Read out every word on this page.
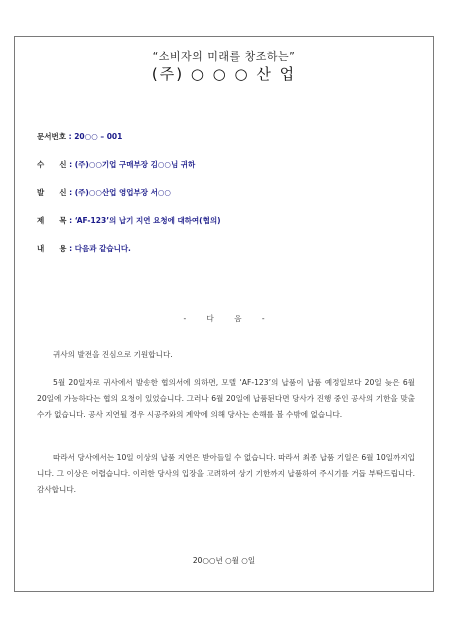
“소비자의 미래를 창조하는”
(주) ○ ○ ○ 산 업
문서번호 : 20○○ – 001
수　　신 : (주)○○기업 구매부장 김○○님 귀하
발　　신 : (주)○○산업 영업부장 서○○
제　　목 : ‘AF-123’의 납기 지연 요청에 대하여(협의)
내　　용 : 다음과 같습니다.
- 다 음 -
귀사의 발전을 진심으로 기원합니다.
5월 20일자로 귀사에서 발송한 협의서에 의하면, 모델 ‘AF-123’의 납품이 납품 예정일보다 20일 늦은 6월 20일에 가능하다는 협의 요청이 있었습니다. 그러나 6월 20일에 납품된다면 당사가 진행 중인 공사의 기한을 맞출 수가 없습니다. 공사 지연될 경우 시공주와의 계약에 의해 당사는 손해를 볼 수밖에 없습니다.
따라서 당사에서는 10일 이상의 납품 지연은 받아들일 수 없습니다. 따라서 최종 납품 기일은 6월 10일까지입니다. 그 이상은 어렵습니다. 이러한 당사의 입장을 고려하여 상기 기한까지 납품하여 주시기를 거듭 부탁드립니다. 감사합니다.
20○○년 ○월 ○일
